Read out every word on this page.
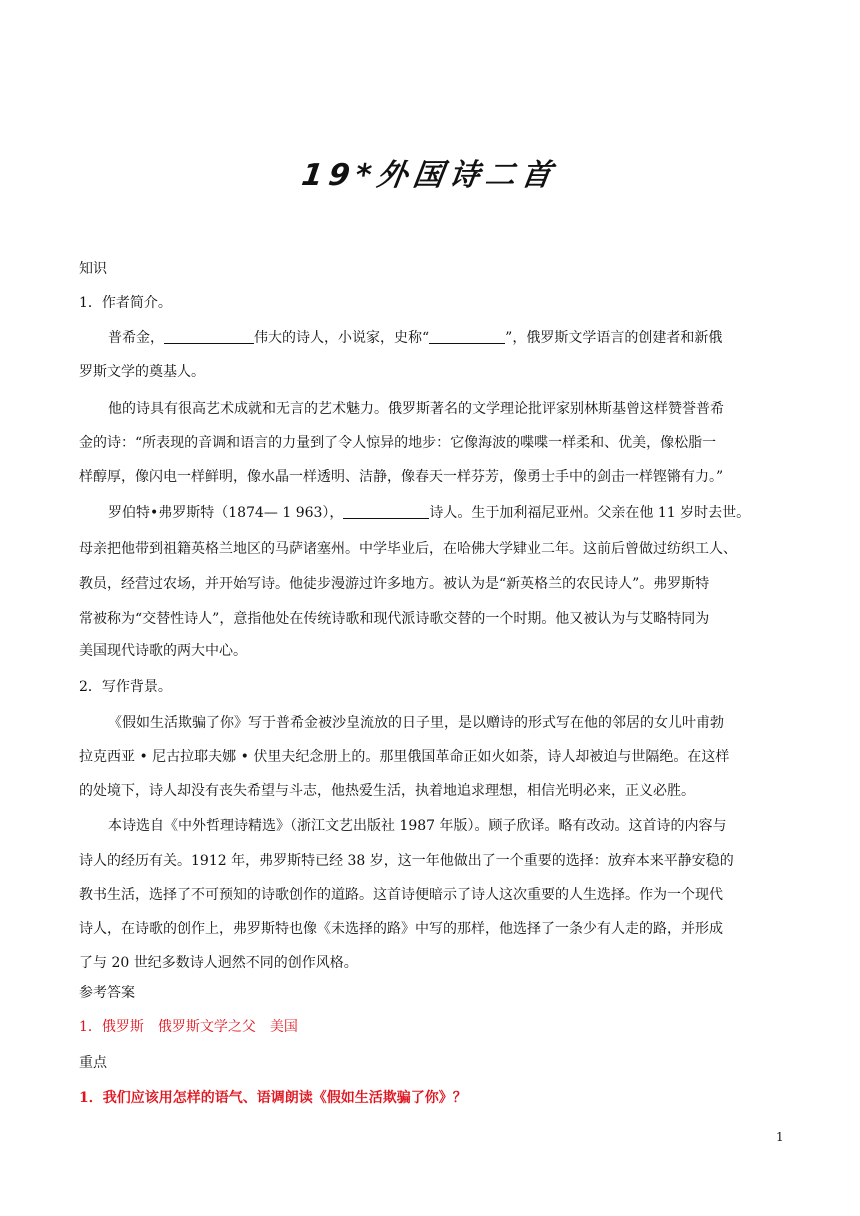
19*外国诗二首
知识
1．作者简介。
普希金，	伟大的诗人，小说家，史称“	”，俄罗斯文学语言的创建者和新俄
罗斯文学的奠基人。
他的诗具有很高艺术成就和无言的艺术魅力。俄罗斯著名的文学理论批评家别林斯基曾这样赞誉普希
金的诗：“所表现的音调和语言的力量到了令人惊异的地步：它像海波的喋喋一样柔和、优美，像松脂一
样醇厚，像闪电一样鲜明，像水晶一样透明、洁静，像春天一样芬芳，像勇士手中的剑击一样铿锵有力。”
罗伯特•弗罗斯特（1874— 1 963），	诗人。生于加利福尼亚州。父亲在他 11 岁时去世。
母亲把他带到祖籍英格兰地区的马萨诸塞州。中学毕业后，在哈佛大学肄业二年。这前后曾做过纺织工人、
教员，经营过农场，并开始写诗。他徒步漫游过许多地方。被认为是“新英格兰的农民诗人”。弗罗斯特
常被称为“交替性诗人”，意指他处在传统诗歌和现代派诗歌交替的一个时期。他又被认为与艾略特同为
美国现代诗歌的两大中心。
2．写作背景。
《假如生活欺骗了你》写于普希金被沙皇流放的日子里，是以赠诗的形式写在他的邻居的女儿叶甫勃
拉克西亚 • 尼古拉耶夫娜 • 伏里夫纪念册上的。那里俄国革命正如火如荼，诗人却被迫与世隔绝。在这样
的处境下，诗人却没有丧失希望与斗志，他热爱生活，执着地追求理想，相信光明必来，正义必胜。
本诗选自《中外哲理诗精选》（浙江文艺出版社 1987 年版）。顾子欣译。略有改动。这首诗的内容与
诗人的经历有关。1912 年，弗罗斯特已经 38 岁，这一年他做出了一个重要的选择：放弃本来平静安稳的
教书生活，选择了不可预知的诗歌创作的道路。这首诗便暗示了诗人这次重要的人生选择。作为一个现代
诗人，在诗歌的创作上，弗罗斯特也像《未选择的路》中写的那样，他选择了一条少有人走的路，并形成
了与 20 世纪多数诗人迥然不同的创作风格。
参考答案
1．俄罗斯　俄罗斯文学之父　美国
重点
1．我们应该用怎样的语气、语调朗读《假如生活欺骗了你》？
1
